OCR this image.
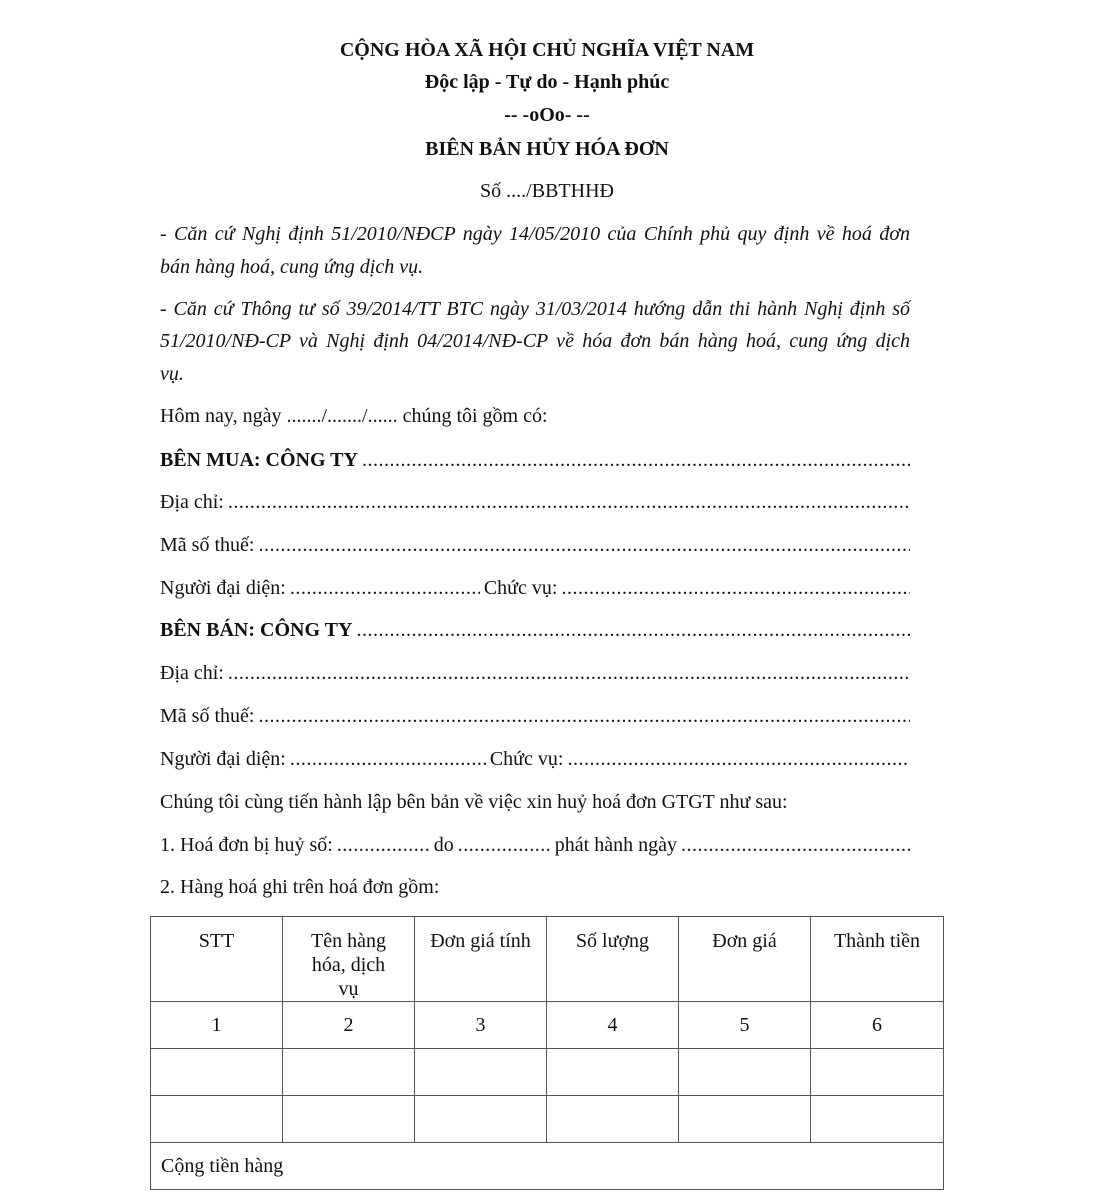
CỘNG HÒA XÃ HỘI CHỦ NGHĨA VIỆT NAM
Độc lập - Tự do - Hạnh phúc
-- -oOo- --
BIÊN BẢN HỦY HÓA ĐƠN
Số ..../BBTHHĐ
- Căn cứ Nghị định 51/2010/NĐCP ngày 14/05/2010 của Chính phủ quy định về hoá đơn
bán hàng hoá, cung ứng dịch vụ.
- Căn cứ Thông tư số 39/2014/TT BTC ngày 31/03/2014 hướng dẫn thi hành Nghị định số
51/2010/NĐ-CP và Nghị định 04/2014/NĐ-CP về hóa đơn bán hàng hoá, cung ứng dịch
vụ.
Hôm nay, ngày ......./......./...... chúng tôi gồm có:
BÊN MUA: CÔNG TY
.....
Địa chỉ:
.....
Mã số thuế:
.....
Người đại diện: .....	Chức vụ:
.....
BÊN BÁN: CÔNG TY
.....
Địa chỉ:
.....
Mã số thuế:
.....
Người đại diện: .....	Chức vụ:
.....
Chúng tôi cùng tiến hành lập bên bản về việc xin huỷ hoá đơn GTGT như sau:
1. Hoá đơn bị huỷ số: .....	do .....	phát hành ngày
.....
2. Hàng hoá ghi trên hoá đơn gồm:
STT	Tên hàng hóa, dịch vụ	Đơn giá tính	Số lượng	Đơn giá	Thành tiền
1	2	3	4	5	6

Cộng tiền hàng					
